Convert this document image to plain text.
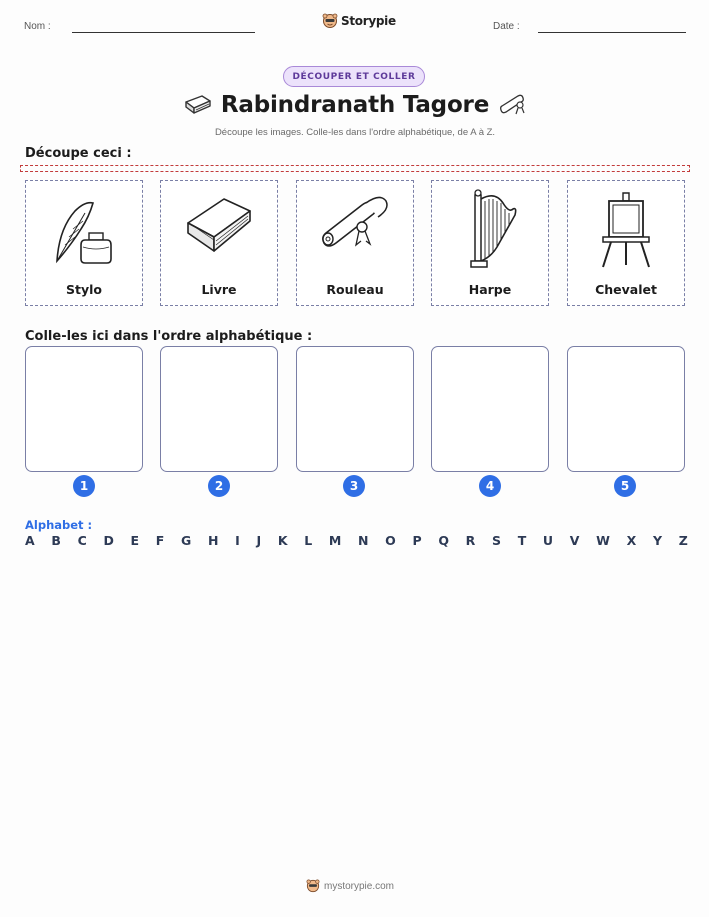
Nom :	Storypie	Date :
DÉCOUPER ET COLLER
Rabindranath Tagore
Découpe les images. Colle-les dans l'ordre alphabétique, de A à Z.
Découpe ceci :
Stylo	Livre	Rouleau	Harpe	Chevalet
Colle-les ici dans l'ordre alphabétique :
1	2	3	4	5
Alphabet :
A B C D E F G H I J K L M N O P Q R S T U V W X Y Z
mystorypie.com
